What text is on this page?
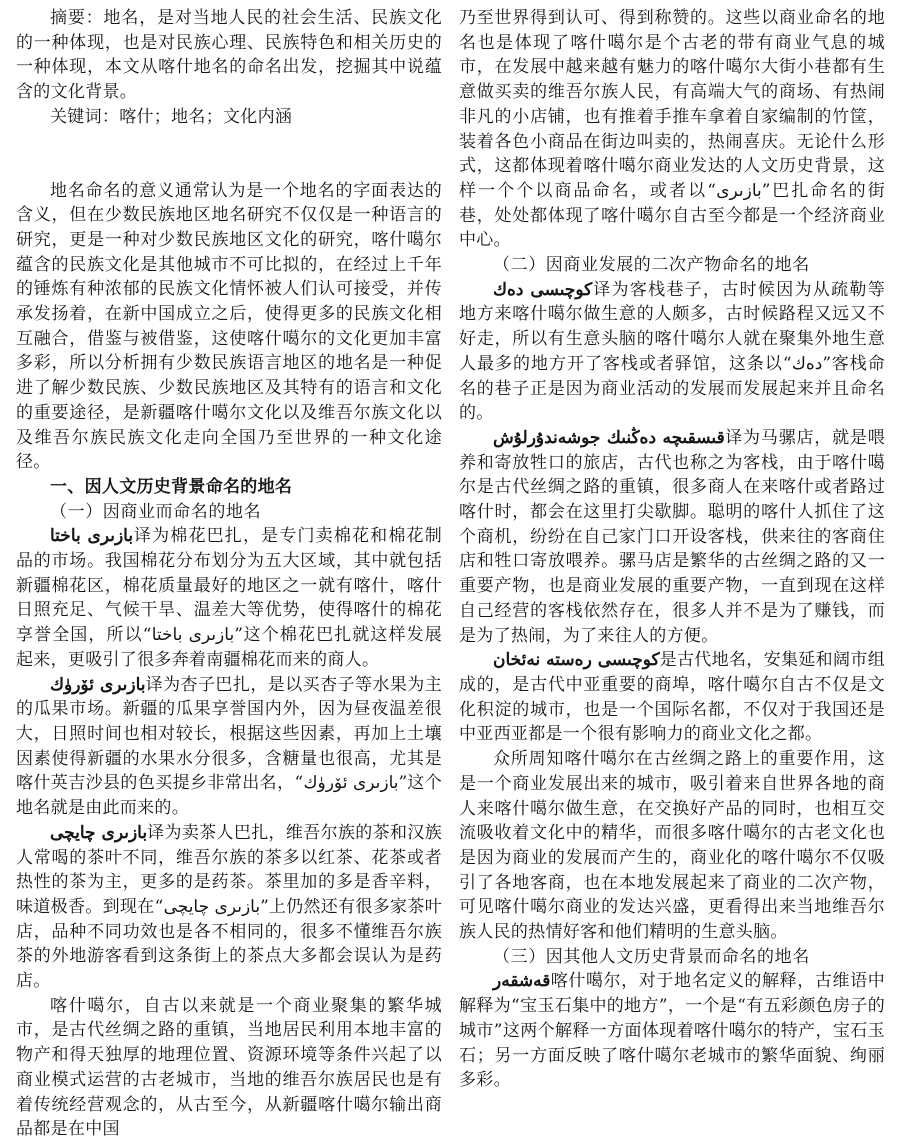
摘要：地名，是对当地人民的社会生活、民族文化的一种体现，也是对民族心理、民族特色和相关历史的一种体现，本文从喀什地名的命名出发，挖掘其中说蕴含的文化背景。

关键词：喀什；地名；文化内涵

地名命名的意义通常认为是一个地名的字面表达的含义，但在少数民族地区地名研究不仅仅是一种语言的研究，更是一种对少数民族地区文化的研究，喀什噶尔蕴含的民族文化是其他城市不可比拟的，在经过上千年的锤炼有种浓郁的民族文化情怀被人们认可接受，并传承发扬着，在新中国成立之后，使得更多的民族文化相互融合，借鉴与被借鉴，这使喀什噶尔的文化更加丰富多彩，所以分析拥有少数民族语言地区的地名是一种促进了解少数民族、少数民族地区及其特有的语言和文化的重要途径，是新疆喀什噶尔文化以及维吾尔族文化以及维吾尔族民族文化走向全国乃至世界的一种文化途径。

一、因人文历史背景命名的地名

（一）因商业而命名的地名

بازىرى باختا译为棉花巴扎，是专门卖棉花和棉花制品的市场。我国棉花分布划分为五大区域，其中就包括新疆棉花区，棉花质量最好的地区之一就有喀什，喀什日照充足、气候干旱、温差大等优势，使得喀什的棉花享誉全国，所以“بازىرى باختا”这个棉花巴扎就这样发展起来，更吸引了很多奔着南疆棉花而来的商人。

بازىرى ئۆرۈك译为杏子巴扎，是以买杏子等水果为主的瓜果市场。新疆的瓜果享誉国内外，因为昼夜温差很大，日照时间也相对较长，根据这些因素，再加上土壤因素使得新疆的水果水分很多，含糖量也很高，尤其是喀什英吉沙县的色买提乡非常出名，“بازىرى ئۆرۈك”这个地名就是由此而来的。

بازىرى چايچى译为卖茶人巴扎，维吾尔族的茶和汉族人常喝的茶叶不同，维吾尔族的茶多以红茶、花茶或者热性的茶为主，更多的是药茶。茶里加的多是香辛料，味道极香。到现在“بازىرى چايچى”上仍然还有很多家茶叶店，品种不同功效也是各不相同的，很多不懂维吾尔族茶的外地游客看到这条街上的茶点大多都会误认为是药店。

喀什噶尔，自古以来就是一个商业聚集的繁华城市，是古代丝绸之路的重镇，当地居民利用本地丰富的物产和得天独厚的地理位置、资源环境等条件兴起了以商业模式运营的古老城市，当地的维吾尔族居民也是有着传统经营观念的，从古至今，从新疆喀什噶尔输出商品都是在中国

乃至世界得到认可、得到称赞的。这些以商业命名的地名也是体现了喀什噶尔是个古老的带有商业气息的城市，在发展中越来越有魅力的喀什噶尔大街小巷都有生意做买卖的维吾尔族人民，有高端大气的商场、有热闹非凡的小店铺，也有推着手推车拿着自家编制的竹筐，装着各色小商品在街边叫卖的，热闹喜庆。无论什么形式，这都体现着喀什噶尔商业发达的人文历史背景，这样一个个以商品命名，或者以“بازىرى”巴扎命名的街巷，处处都体现了喀什噶尔自古至今都是一个经济商业中心。

（二）因商业发展的二次产物命名的地名

كوچىسى دەك译为客栈巷子，古时候因为从疏勒等地方来喀什噶尔做生意的人颇多，古时候路程又远又不好走，所以有生意头脑的喀什噶尔人就在聚集外地生意人最多的地方开了客栈或者驿馆，这条以“دەك”客栈命名的巷子正是因为商业活动的发展而发展起来并且命名的。

قىسقىچە دەڭنىك جوشەندۇرلۇش译为马骡店，就是喂养和寄放牲口的旅店，古代也称之为客栈，由于喀什噶尔是古代丝绸之路的重镇，很多商人在来喀什或者路过喀什时，都会在这里打尖歇脚。聪明的喀什人抓住了这个商机，纷纷在自己家门口开设客栈，供来往的客商住店和牲口寄放喂养。骡马店是繁华的古丝绸之路的又一重要产物，也是商业发展的重要产物，一直到现在这样自己经营的客栈依然存在，很多人并不是为了赚钱，而是为了热闹，为了来往人的方便。

كوچىسى رەستە نەئخان是古代地名，安集延和阔市组成的，是古代中亚重要的商埠，喀什噶尔自古不仅是文化积淀的城市，也是一个国际名都，不仅对于我国还是中亚西亚都是一个很有影响力的商业文化之都。

众所周知喀什噶尔在古丝绸之路上的重要作用，这是一个商业发展出来的城市，吸引着来自世界各地的商人来喀什噶尔做生意，在交换好产品的同时，也相互交流吸收着文化中的精华，而很多喀什噶尔的古老文化也是因为商业的发展而产生的，商业化的喀什噶尔不仅吸引了各地客商，也在本地发展起来了商业的二次产物，可见喀什噶尔商业的发达兴盛，更看得出来当地维吾尔族人民的热情好客和他们精明的生意头脑。

（三）因其他人文历史背景而命名的地名

قەشقەر喀什噶尔，对于地名定义的解释，古维语中解释为“宝玉石集中的地方”，一个是“有五彩颜色房子的城市”这两个解释一方面体现着喀什噶尔的特产，宝石玉石；另一方面反映了喀什噶尔老城市的繁华面貌、绚丽多彩。
